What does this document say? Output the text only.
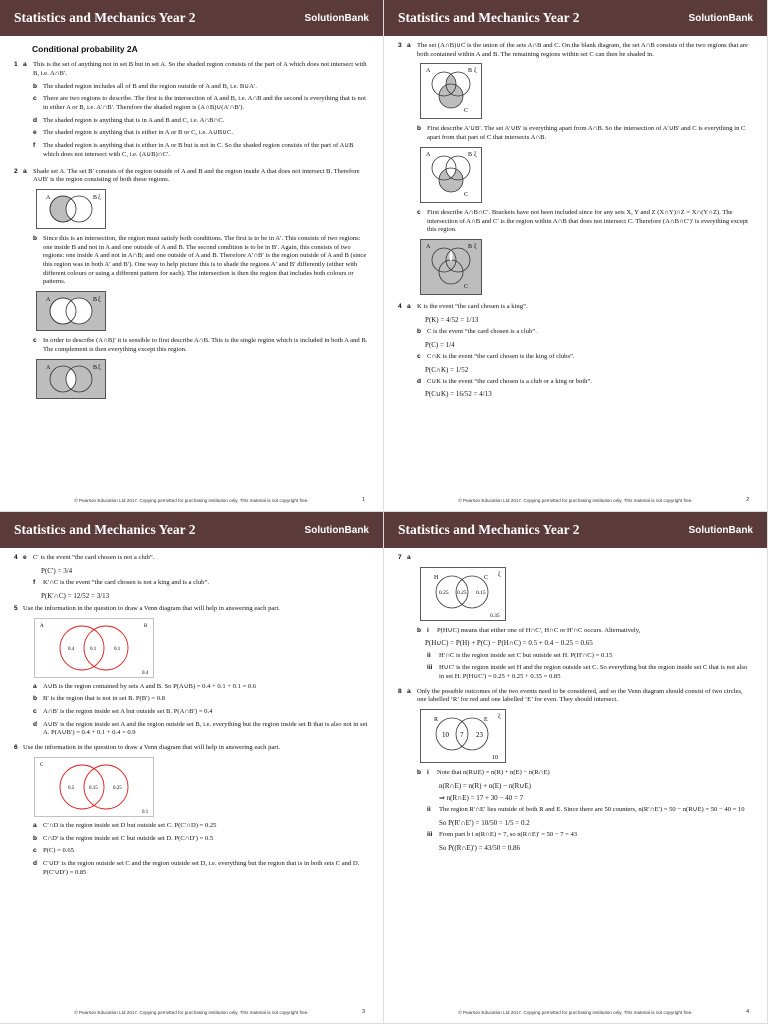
Statistics and Mechanics Year 2	SolutionBank
Conditional probability 2A
1 a This is the set of anything not in set B but in set A. So the shaded region consists of the part of A which does not intersect with B, i.e. A∩B′.
b The shaded region includes all of B and the region outside of A and B, i.e. B∪A′.
c There are two regions to describe. The first is the intersection of A and B, i.e. A∩B and the second is everything that is not in either A or B, i.e. A′∩B′. Therefore the shaded region is (A∩B)∪(A′∩B′).
d The shaded region is anything that is in A and B and C, i.e. A∩B∩C.
e The shaded region is anything that is either in A or B or C, i.e. A∪B∪C.
f	The shaded region is anything that is either in A or B but is not in C. So the shaded region consists of the part of A∪B which does not intersect with C, i.e. (A∪B)∩C′.
2 a Shade set A. The set B′ consists of the region outside of A and B and the region inside A that does not intersect B. Therefore A∪B′ is the region consisting of both these regions.
A	B ξ
b Since this is an intersection, the region must satisfy both conditions. The first is to be in A′. This consists of two regions: one inside B and not in A and one outside of A and B. The second condition is to be in B′. Again, this consists of two regions: one inside A and not in A∩B; and one outside of A and B. Therefore A′∩B′ is the region outside of A and B (since this region was in both A′ and B′). One way to help picture this is to shade the regions A′ and B′ differently (either with different colours or using a different pattern for each). The intersection is then the region that includes both colours or patterns.
A	B ξ
c In order to describe (A∩B)′ it is sensible to first describe A∩B. This is the single region which is included in both A and B. The complement is then everything except this region.
A	B ξ
© Pearson Education Ltd 2017. Copying permitted for purchasing institution only. This material is not copyright free.	1
Statistics and Mechanics Year 2	SolutionBank
3 a The set (A∩B)∪C is the union of the sets A∩B and C. On the blank diagram, the set A∩B consists of the two regions that are both contained within A and B. The remaining regions within set C can then be shaded in.
A	B ξ
C
b First describe A′∪B′. The set A′∪B′ is everything apart from A∩B. So the intersection of A′∪B′ and C is everything in C apart from that part of C that intersects A∩B.
A	B ξ
C
c First describe A∩B∩C′. Brackets have not been included since for any sets X, Y and Z (X∩Y)∩Z = X∩(Y∩Z). The intersection of A∩B and C′ is the region within A∩B that does not intersect C. Therefore (A∩B∩C′)′ is everything except this region.
A	B ξ
C
4 a K is the event “the card chosen is a king”.
P(K) = 4/52 = 1/13
b C is the event “the card chosen is a club”.
P(C) = 1/4
c C∩K is the event “the card chosen is the king of clubs”.
P(C∩K) = 1/52
d C∪K is the event “the card chosen is a club or a king or both”.
P(C∪K) = 16/52 = 4/13
© Pearson Education Ltd 2017. Copying permitted for purchasing institution only. This material is not copyright free.	2
Statistics and Mechanics Year 2	SolutionBank
4 e C′ is the event “the card chosen is not a club”.
P(C′) = 3/4
f	K′∩C is the event “the card chosen is not a king and is a club”.
P(K′∩C) = 12/52 = 3/13
5 Use the information in the question to draw a Venn diagram that will help in answering each part.
A	B
0.4	0.1	0.1
0.4
a A∪B is the region contained by sets A and B. So P(A∪B) = 0.4 + 0.1 + 0.1 = 0.6
b B′ is the region that is not in set B. P(B′) = 0.8
c A∩B′ is the region inside set A but outside set B. P(A∩B′) = 0.4
d A∪B′ is the region inside set A and the region outside set B, i.e. everything but the region inside set B that is also not in set A. P(A∪B′) = 0.4 + 0.1 + 0.4 = 0.9
6 Use the information in the question to draw a Venn diagram that will help in answering each part.
C
0.5	0.15	0.25
0.1
a C′∩D is the region inside set D but outside set C. P(C′∩D) = 0.25
b C∩D′ is the region inside set C but outside set D. P(C∩D′) = 0.5
c P(C) = 0.65
d C′∪D′ is the region outside set C and the region outside set D, i.e. everything but the region that is in both sets C and D. P(C′∪D′) = 0.85
© Pearson Education Ltd 2017. Copying permitted for purchasing institution only. This material is not copyright free.	3
Statistics and Mechanics Year 2	SolutionBank
7 a
H	C ξ
0.25 0.25 0.15
0.35
b i	P(H∪C) means that either one of H∩C′, H∩C or H′∩C occurs. Alternatively,
P(H∪C) = P(H) + P(C) − P(H∩C) = 0.5 + 0.4 − 0.25 = 0.65
ii	H′∩C is the region inside set C but outside set H. P(H′∩C) = 0.15
iii H∪C′ is the region inside set H and the region outside set C. So everything but the region inside set C that is not also in set H. P(H∪C′) = 0.25 + 0.25 + 0.35 = 0.85
8 a Only the possible outcomes of the two events need to be considered, and so the Venn diagram should consist of two circles, one labelled ‘R’ for red and one labelled ‘E’ for even. They should intersect.
R	E ξ
10 7 23
10
b i	Note that n(R∪E) = n(R) + n(E) − n(R∩E)
n(R∩E) = n(R) + n(E) − n(R∪E)
⇒ n(R∩E) = 17 + 30 − 40 = 7
ii	The region R′∩E′ lies outside of both R and E. Since there are 50 counters, n(R′∩E′) = 50 − n(R∪E) = 50 − 40 = 10
So P(R′∩E′) = 10/50 = 1/5 = 0.2
iii From part b i n(R∩E) = 7, so n(R∩E)′ = 50 − 7 = 43
So P((R∩E)′) = 43/50 = 0.86
© Pearson Education Ltd 2017. Copying permitted for purchasing institution only. This material is not copyright free.	4
